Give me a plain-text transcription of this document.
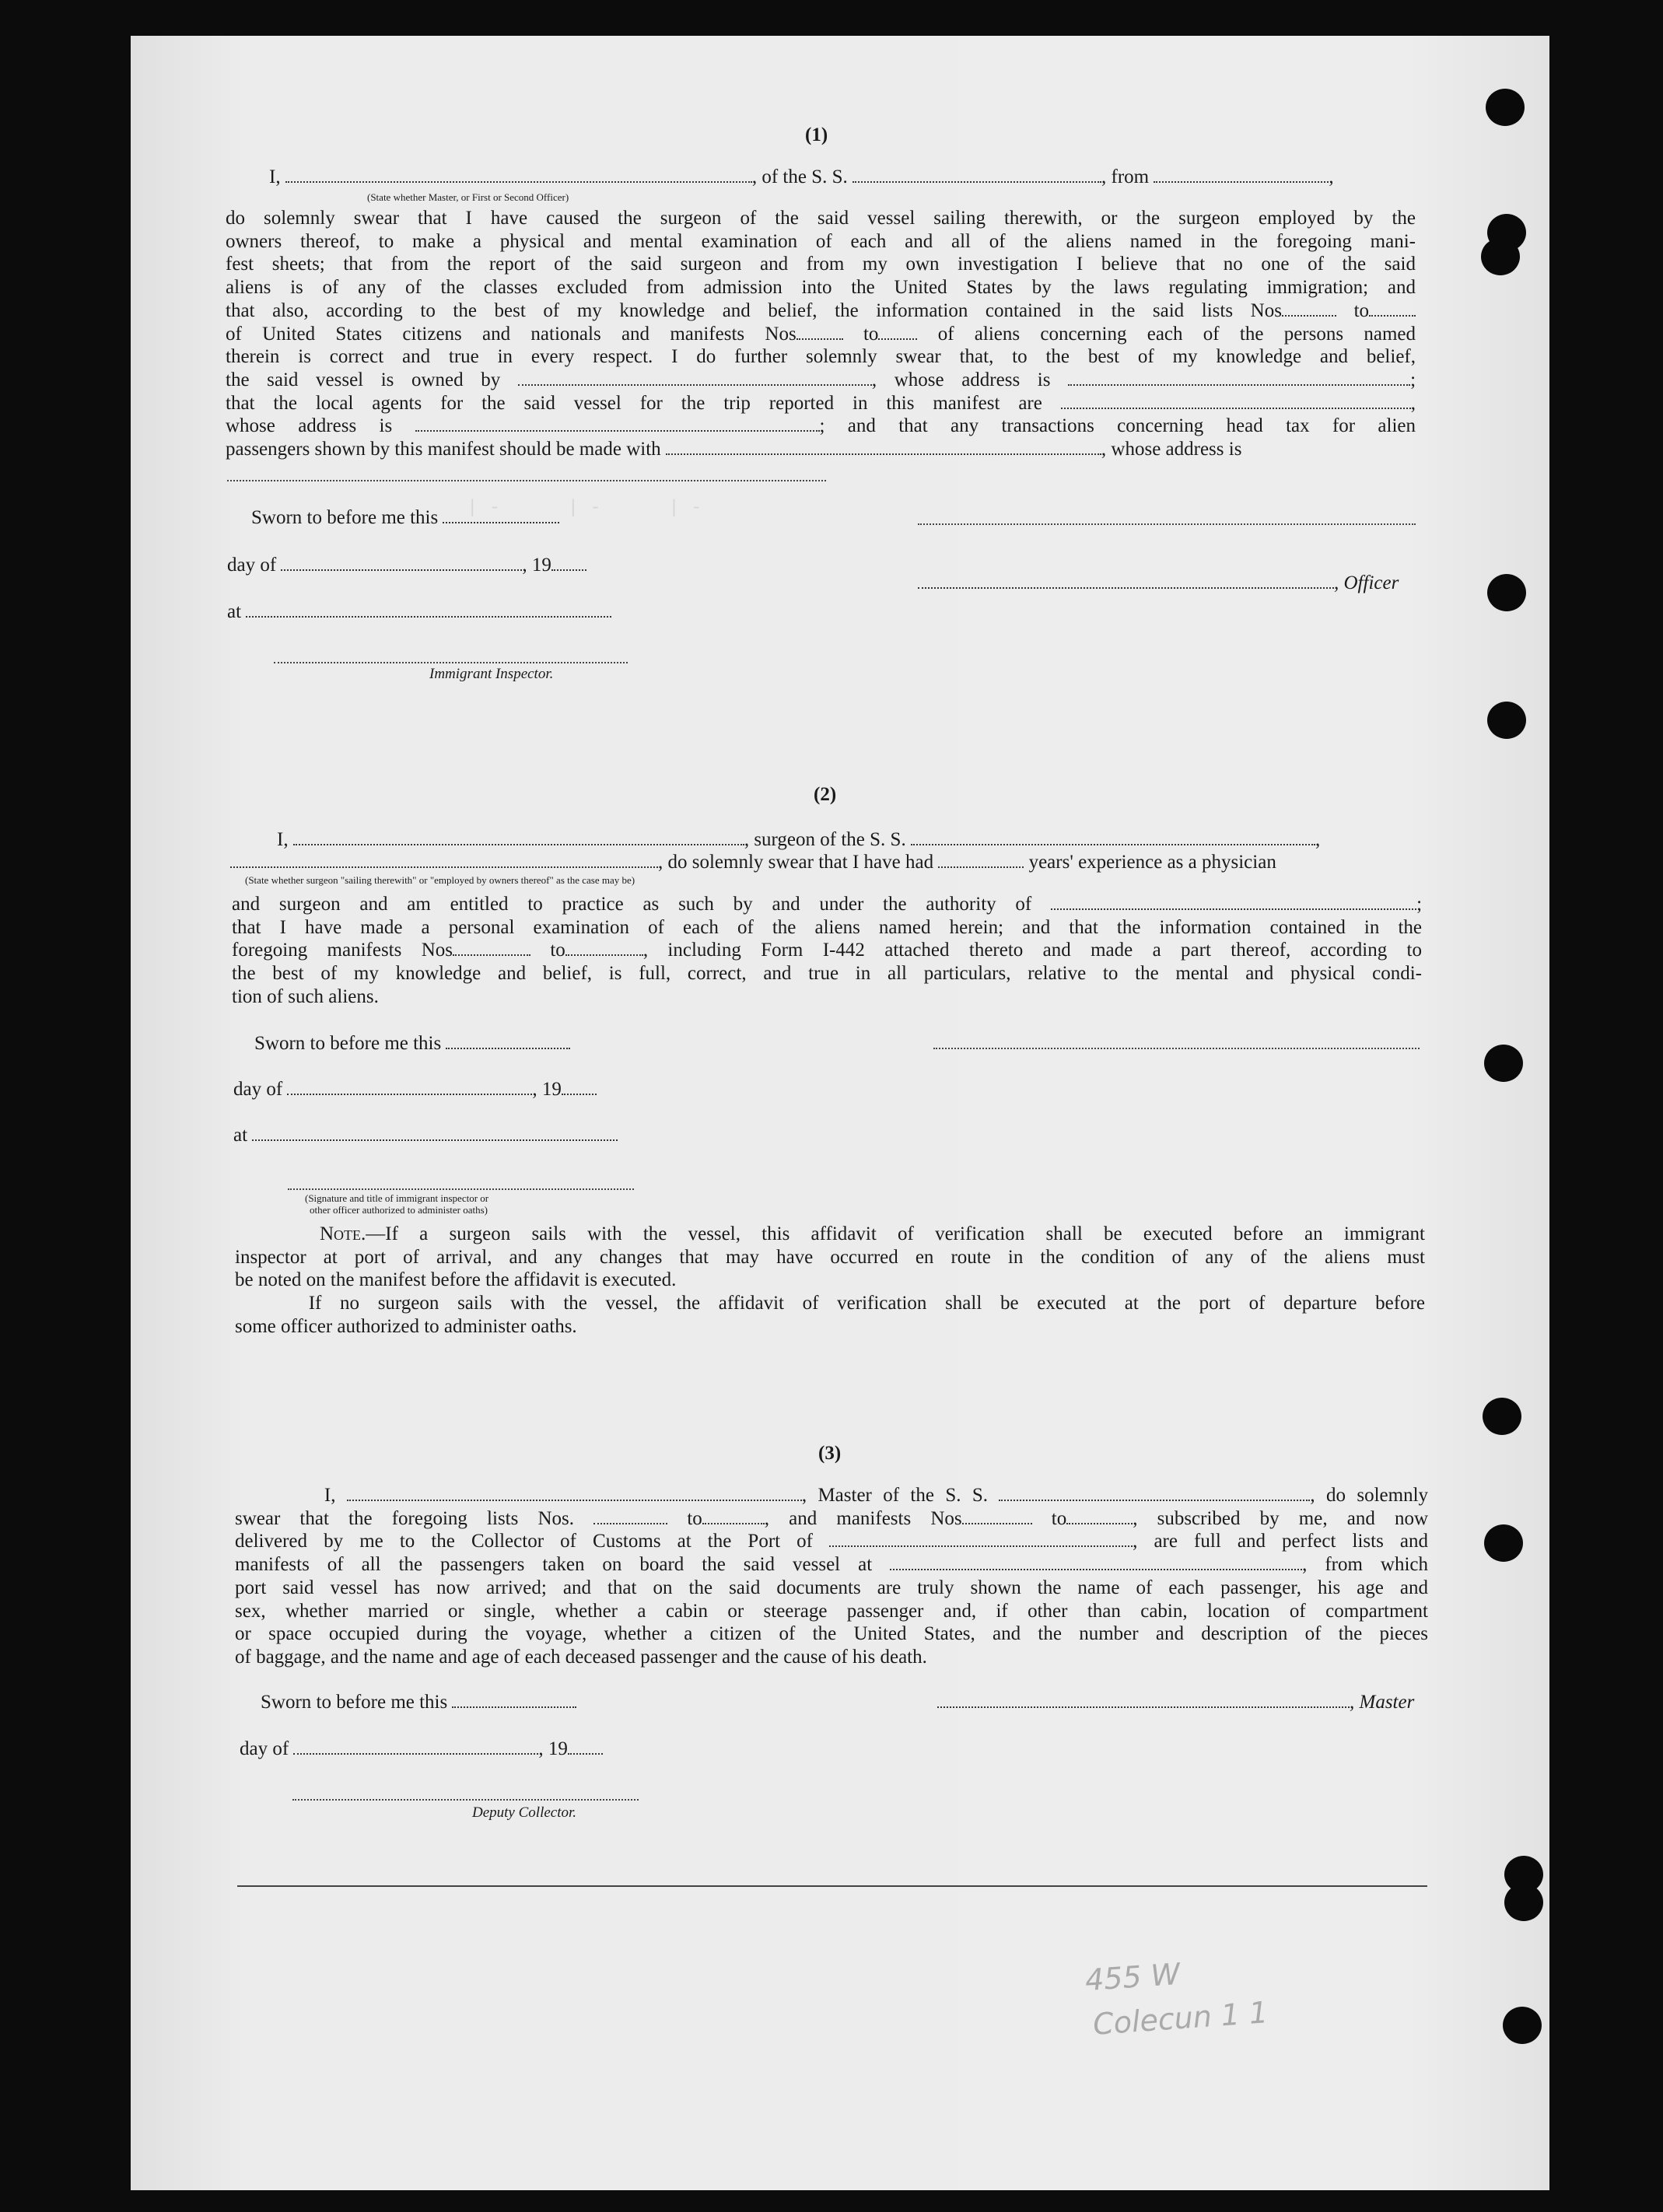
| -      | -      | -
(1)
I,	, of the S. S.	, from	,
(State whether Master, or First or Second Officer)
do solemnly swear that I have caused the surgeon of the said vessel sailing therewith, or the surgeon employed by the
owners thereof, to make a physical and mental examination of each and all of the aliens named in the foregoing mani-
fest sheets; that from the report of the said surgeon and from my own investigation I believe that no one of the said
aliens is of any of the classes excluded from admission into the United States by the laws regulating immigration; and
that also, according to the best of my knowledge and belief, the information contained in the said lists Nos	to
of United States citizens and nationals and manifests Nos	to	of aliens concerning each of the persons named
therein is correct and true in every respect. I do further solemnly swear that, to the best of my knowledge and belief,
the said vessel is owned by	, whose address is	;
that the local agents for the said vessel for the trip reported in this manifest are	,
whose address is	; and that any transactions concerning head tax for alien
passengers shown by this manifest should be made with	, whose address is
Sworn to before me this
day of	, 19
, Officer
at
Immigrant Inspector.
(2)
I,	, surgeon of the S. S.	,
, do solemnly swear that I have had	years' experience as a physician
(State whether surgeon "sailing therewith" or "employed by owners thereof" as the case may be)
and surgeon and am entitled to practice as such by and under the authority of	;
that I have made a personal examination of each of the aliens named herein; and that the information contained in the
foregoing manifests Nos	to	, including Form I-442 attached thereto and made a part thereof, according to
the best of my knowledge and belief, is full, correct, and true in all particulars, relative to the mental and physical condi-
tion of such aliens.
Sworn to before me this
day of	, 19
at
(Signature and title of immigrant inspector or
other officer authorized to administer oaths)
Note.—If a surgeon sails with the vessel, this affidavit of verification shall be executed before an immigrant
inspector at port of arrival, and any changes that may have occurred en route in the condition of any of the aliens must
be noted on the manifest before the affidavit is executed.
If no surgeon sails with the vessel, the affidavit of verification shall be executed at the port of departure before
some officer authorized to administer oaths.
(3)
I,	, Master of the S. S.	, do solemnly
swear that the foregoing lists Nos.	to	, and manifests Nos	to	, subscribed by me, and now
delivered by me to the Collector of Customs at the Port of	, are full and perfect lists and
manifests of all the passengers taken on board the said vessel at	, from which
port said vessel has now arrived; and that on the said documents are truly shown the name of each passenger, his age and
sex, whether married or single, whether a cabin or steerage passenger and, if other than cabin, location of compartment
or space occupied during the voyage, whether a citizen of the United States, and the number and description of the pieces
of baggage, and the name and age of each deceased passenger and the cause of his death.
Sworn to before me this	, Master
day of	, 19
Deputy Collector.
455 W
Colecun 1 1
